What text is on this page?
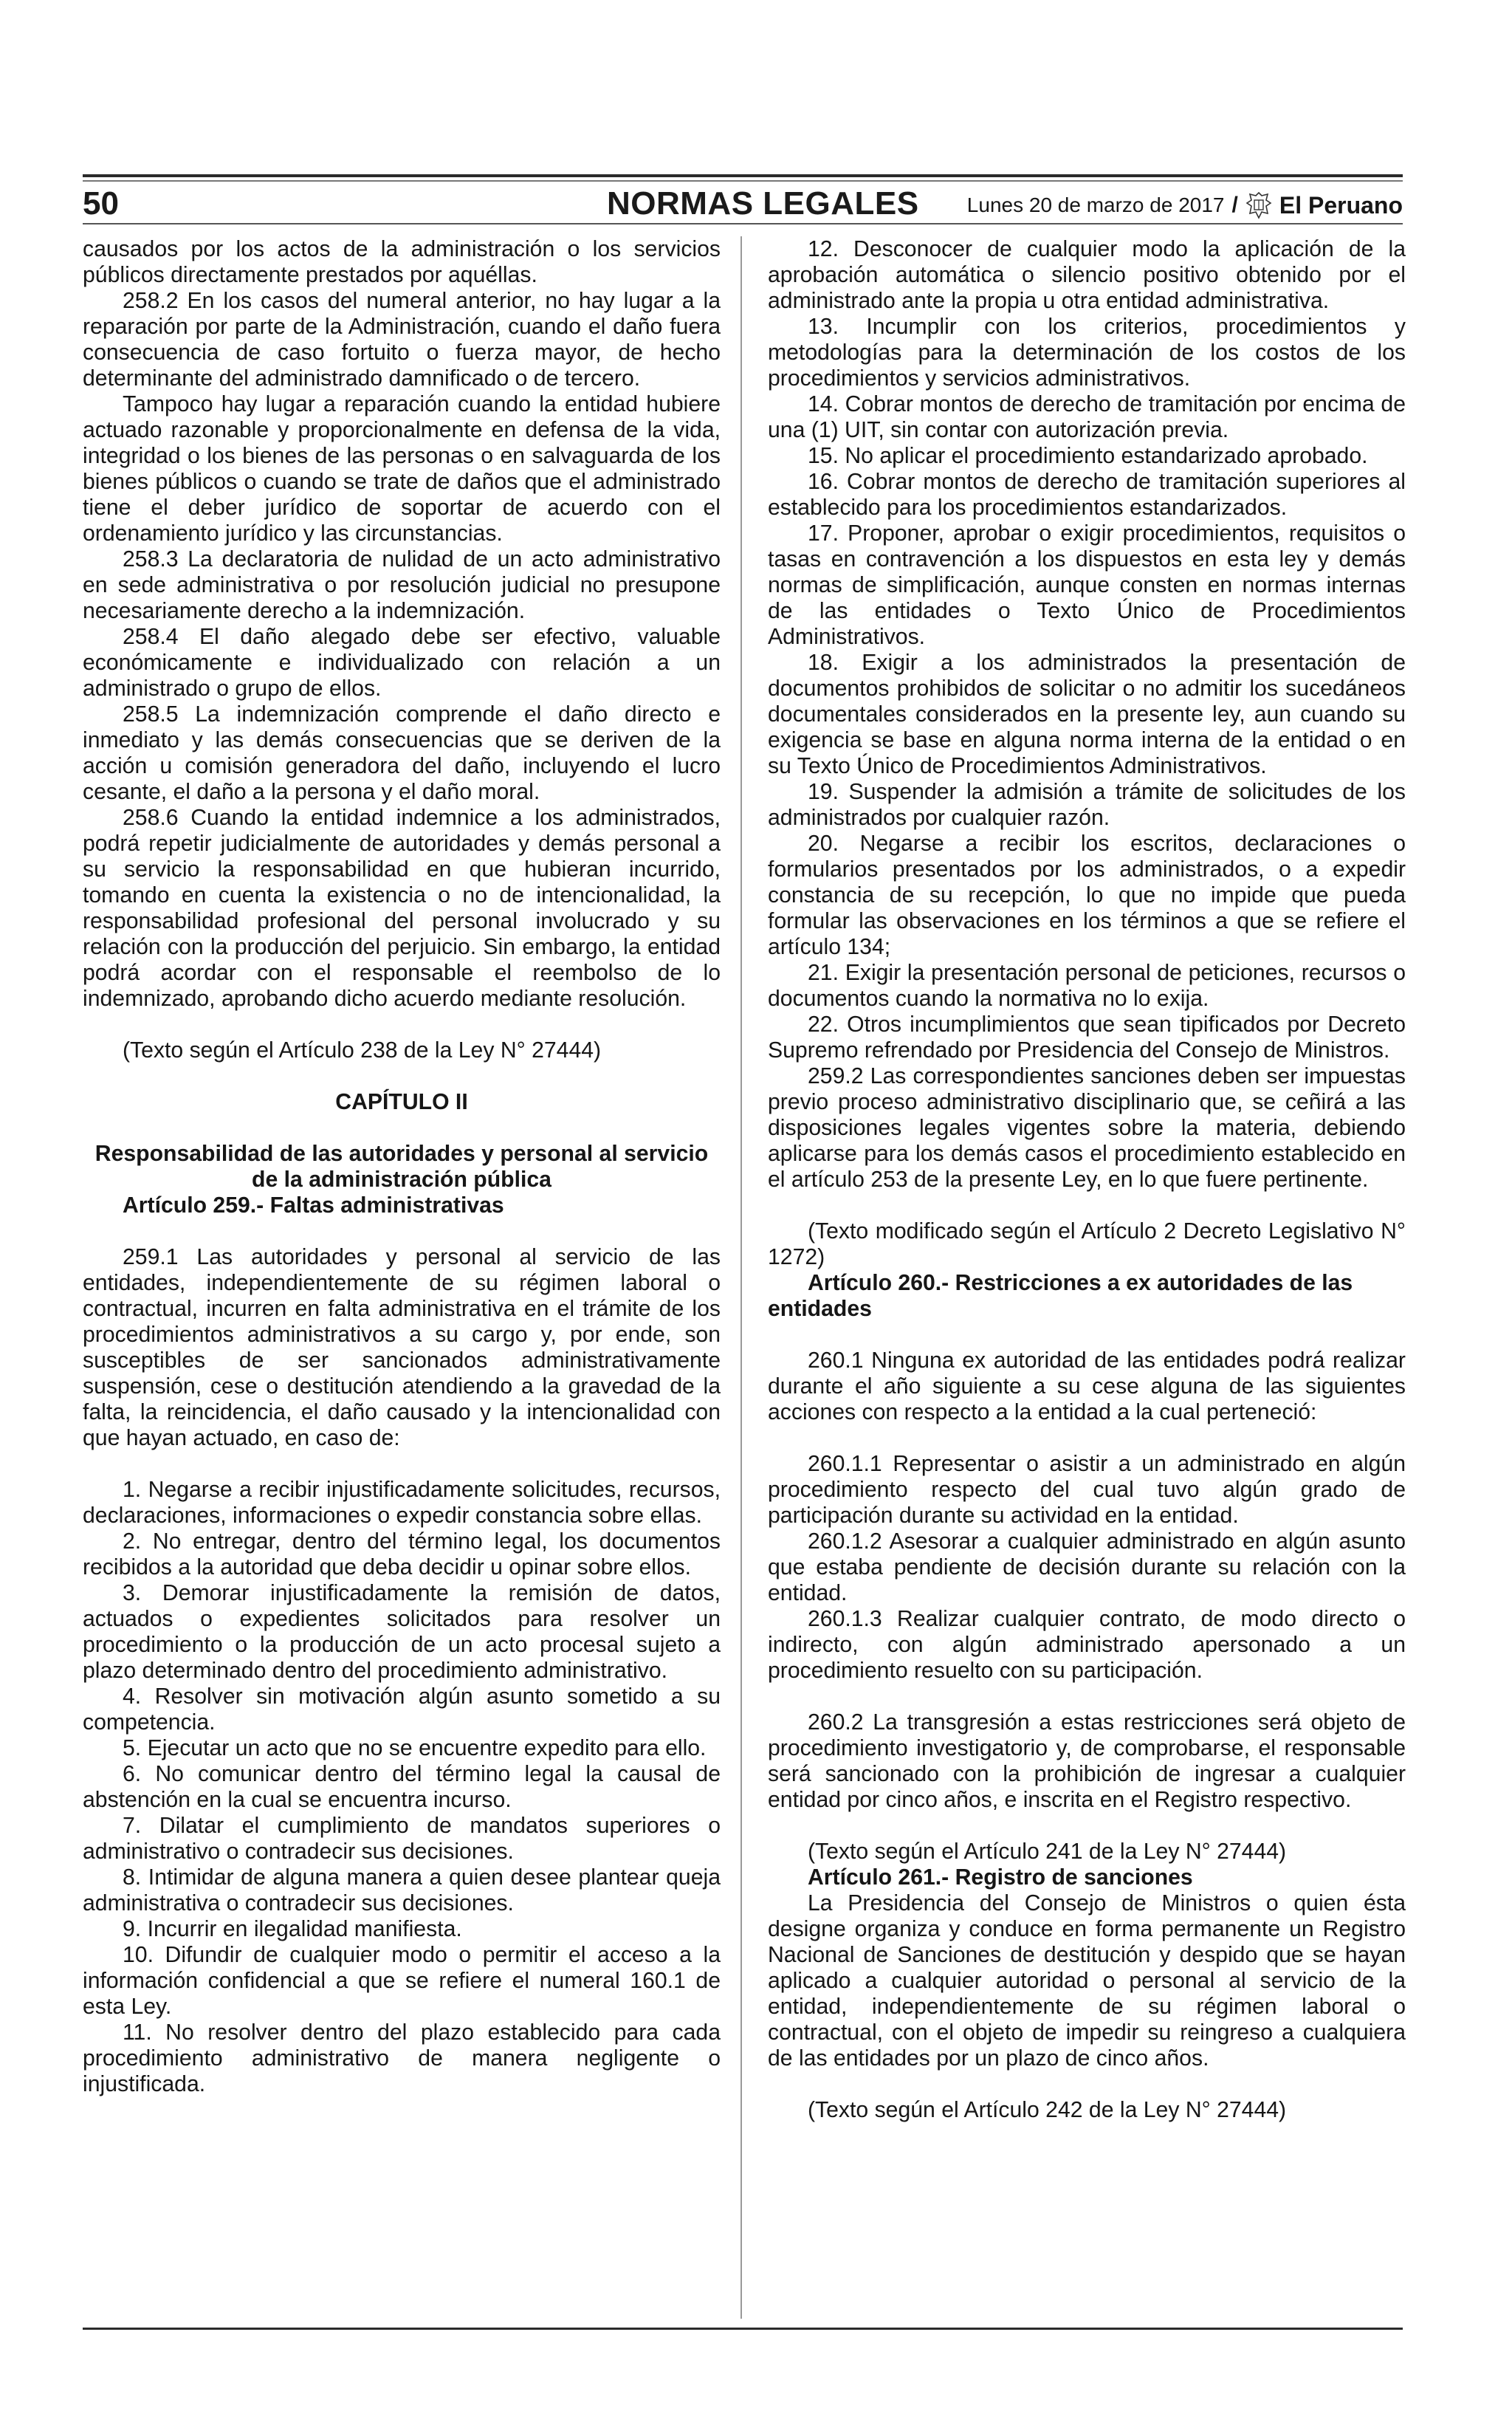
50	NORMAS LEGALES Lunes 20 de marzo de 2017 / El Peruano

causados por los actos de la administración o los servicios públicos directamente prestados por aquéllas.

258.2 En los casos del numeral anterior, no hay lugar a la reparación por parte de la Administración, cuando el daño fuera consecuencia de caso fortuito o fuerza mayor, de hecho determinante del administrado damnificado o de tercero.

Tampoco hay lugar a reparación cuando la entidad hubiere actuado razonable y proporcionalmente en defensa de la vida, integridad o los bienes de las personas o en salvaguarda de los bienes públicos o cuando se trate de daños que el administrado tiene el deber jurídico de soportar de acuerdo con el ordenamiento jurídico y las circunstancias.

258.3 La declaratoria de nulidad de un acto administrativo en sede administrativa o por resolución judicial no presupone necesariamente derecho a la indemnización.

258.4 El daño alegado debe ser efectivo, valuable económicamente e individualizado con relación a un administrado o grupo de ellos.

258.5 La indemnización comprende el daño directo e inmediato y las demás consecuencias que se deriven de la acción u comisión generadora del daño, incluyendo el lucro cesante, el daño a la persona y el daño moral.

258.6 Cuando la entidad indemnice a los administrados, podrá repetir judicialmente de autoridades y demás personal a su servicio la responsabilidad en que hubieran incurrido, tomando en cuenta la existencia o no de intencionalidad, la responsabilidad profesional del personal involucrado y su relación con la producción del perjuicio. Sin embargo, la entidad podrá acordar con el responsable el reembolso de lo indemnizado, aprobando dicho acuerdo mediante resolución.

(Texto según el Artículo 238 de la Ley N° 27444)

CAPÍTULO II

Responsabilidad de las autoridades y personal al servicio de la administración pública

Artículo 259.- Faltas administrativas

259.1 Las autoridades y personal al servicio de las entidades, independientemente de su régimen laboral o contractual, incurren en falta administrativa en el trámite de los procedimientos administrativos a su cargo y, por ende, son susceptibles de ser sancionados administrativamente suspensión, cese o destitución atendiendo a la gravedad de la falta, la reincidencia, el daño causado y la intencionalidad con que hayan actuado, en caso de:

1. Negarse a recibir injustificadamente solicitudes, recursos, declaraciones, informaciones o expedir constancia sobre ellas.

2. No entregar, dentro del término legal, los documentos recibidos a la autoridad que deba decidir u opinar sobre ellos.

3. Demorar injustificadamente la remisión de datos, actuados o expedientes solicitados para resolver un procedimiento o la producción de un acto procesal sujeto a plazo determinado dentro del procedimiento administrativo.

4. Resolver sin motivación algún asunto sometido a su competencia.

5. Ejecutar un acto que no se encuentre expedito para ello.

6. No comunicar dentro del término legal la causal de abstención en la cual se encuentra incurso.

7. Dilatar el cumplimiento de mandatos superiores o administrativo o contradecir sus decisiones.

8. Intimidar de alguna manera a quien desee plantear queja administrativa o contradecir sus decisiones.

9. Incurrir en ilegalidad manifiesta.

10. Difundir de cualquier modo o permitir el acceso a la información confidencial a que se refiere el numeral 160.1 de esta Ley.

11. No resolver dentro del plazo establecido para cada procedimiento administrativo de manera negligente o injustificada.

12. Desconocer de cualquier modo la aplicación de la aprobación automática o silencio positivo obtenido por el administrado ante la propia u otra entidad administrativa.

13. Incumplir con los criterios, procedimientos y metodologías para la determinación de los costos de los procedimientos y servicios administrativos.

14. Cobrar montos de derecho de tramitación por encima de una (1) UIT, sin contar con autorización previa.

15. No aplicar el procedimiento estandarizado aprobado.

16. Cobrar montos de derecho de tramitación superiores al establecido para los procedimientos estandarizados.

17. Proponer, aprobar o exigir procedimientos, requisitos o tasas en contravención a los dispuestos en esta ley y demás normas de simplificación, aunque consten en normas internas de las entidades o Texto Único de Procedimientos Administrativos.

18. Exigir a los administrados la presentación de documentos prohibidos de solicitar o no admitir los sucedáneos documentales considerados en la presente ley, aun cuando su exigencia se base en alguna norma interna de la entidad o en su Texto Único de Procedimientos Administrativos.

19. Suspender la admisión a trámite de solicitudes de los administrados por cualquier razón.

20. Negarse a recibir los escritos, declaraciones o formularios presentados por los administrados, o a expedir constancia de su recepción, lo que no impide que pueda formular las observaciones en los términos a que se refiere el artículo 134;

21. Exigir la presentación personal de peticiones, recursos o documentos cuando la normativa no lo exija.

22. Otros incumplimientos que sean tipificados por Decreto Supremo refrendado por Presidencia del Consejo de Ministros.

259.2 Las correspondientes sanciones deben ser impuestas previo proceso administrativo disciplinario que, se ceñirá a las disposiciones legales vigentes sobre la materia, debiendo aplicarse para los demás casos el procedimiento establecido en el artículo 253 de la presente Ley, en lo que fuere pertinente.

(Texto modificado según el Artículo 2 Decreto Legislativo N° 1272)

Artículo 260.- Restricciones a ex autoridades de las entidades

260.1 Ninguna ex autoridad de las entidades podrá realizar durante el año siguiente a su cese alguna de las siguientes acciones con respecto a la entidad a la cual perteneció:

260.1.1 Representar o asistir a un administrado en algún procedimiento respecto del cual tuvo algún grado de participación durante su actividad en la entidad.

260.1.2 Asesorar a cualquier administrado en algún asunto que estaba pendiente de decisión durante su relación con la entidad.

260.1.3 Realizar cualquier contrato, de modo directo o indirecto, con algún administrado apersonado a un procedimiento resuelto con su participación.

260.2 La transgresión a estas restricciones será objeto de procedimiento investigatorio y, de comprobarse, el responsable será sancionado con la prohibición de ingresar a cualquier entidad por cinco años, e inscrita en el Registro respectivo.

(Texto según el Artículo 241 de la Ley N° 27444)

Artículo 261.- Registro de sanciones

La Presidencia del Consejo de Ministros o quien ésta designe organiza y conduce en forma permanente un Registro Nacional de Sanciones de destitución y despido que se hayan aplicado a cualquier autoridad o personal al servicio de la entidad, independientemente de su régimen laboral o contractual, con el objeto de impedir su reingreso a cualquiera de las entidades por un plazo de cinco años.

(Texto según el Artículo 242 de la Ley N° 27444)
